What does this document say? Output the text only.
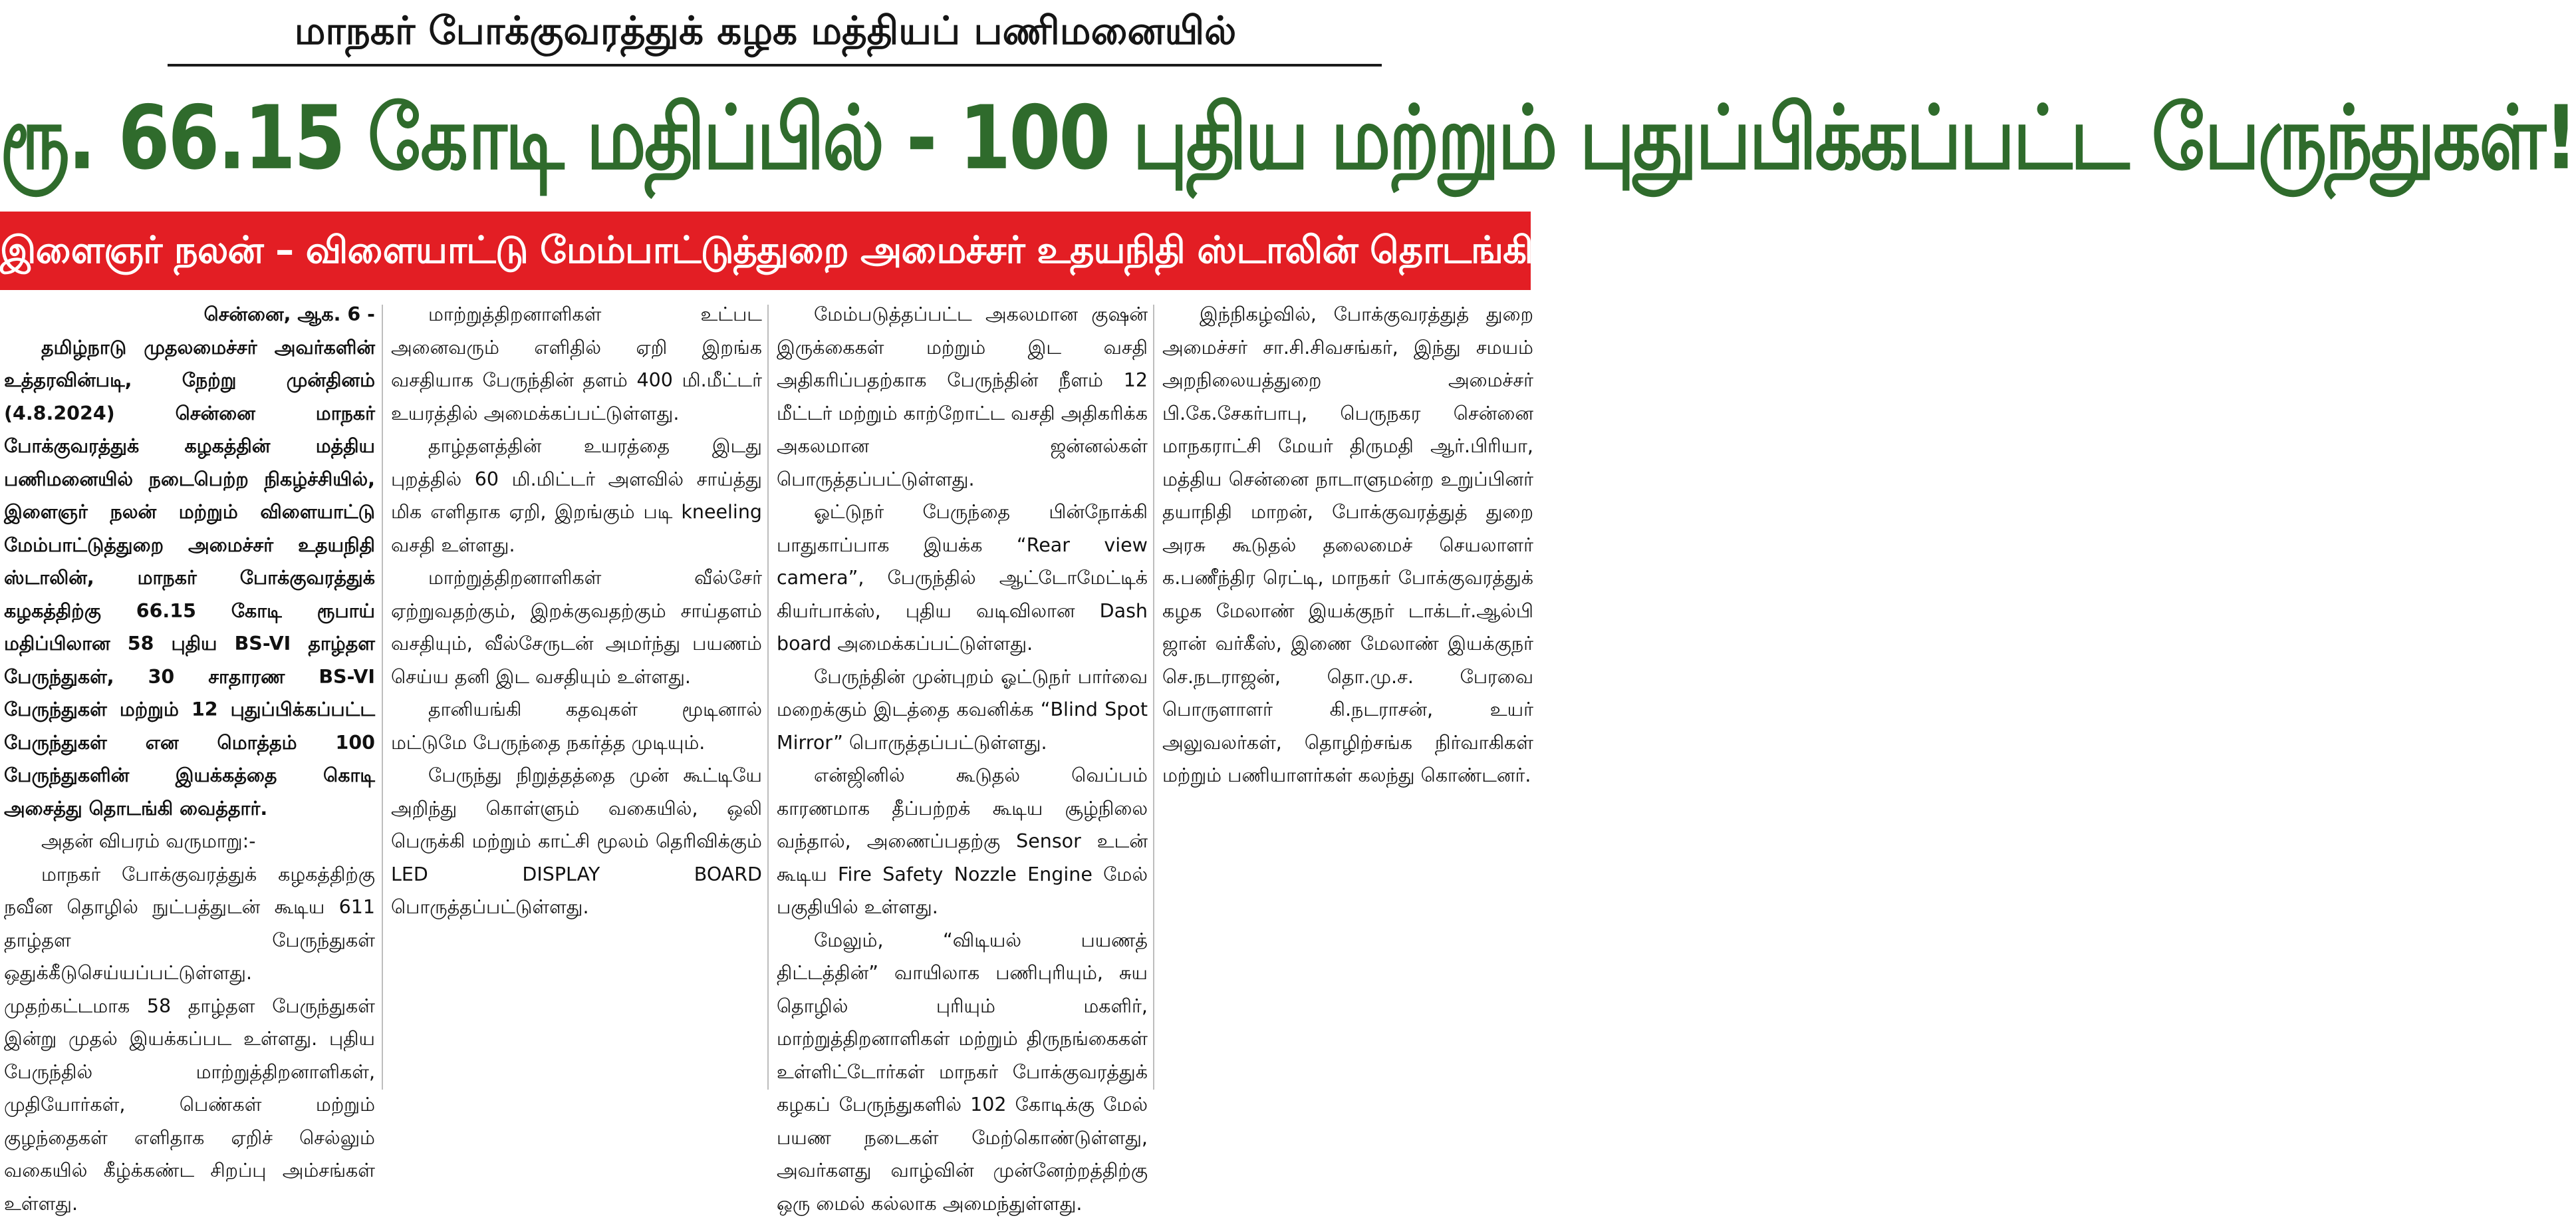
மாநகர் போக்குவரத்துக் கழக மத்தியப் பணிமனையில்
ரூ. 66.15 கோடி மதிப்பில் - 100 புதிய மற்றும் புதுப்பிக்கப்பட்ட பேருந்துகள்!
இளைஞர் நலன் – விளையாட்டு மேம்பாட்டுத்துறை அமைச்சர் உதயநிதி ஸ்டாலின் தொடங்கி வைத்தார்!

சென்னை, ஆக. 6 -

தமிழ்நாடு முதலமைச்சர் அவர்களின் உத்தரவின்படி, நேற்று முன்தினம் (4.8.2024) சென்னை மாநகர் போக்குவரத்துக் கழகத்தின் மத்திய பணிமனையில் நடைபெற்ற நிகழ்ச்சியில், இளைஞர் நலன் மற்றும் விளையாட்டு மேம்பாட்டுத்துறை அமைச்சர் உதயநிதி ஸ்டாலின், மாநகர் போக்குவரத்துக் கழகத்திற்கு 66.15 கோடி ரூபாய் மதிப்பிலான 58 புதிய BS-VI தாழ்தள பேருந்துகள், 30 சாதாரண BS-VI பேருந்துகள் மற்றும் 12 புதுப்பிக்கப்பட்ட பேருந்துகள் என மொத்தம் 100 பேருந்துகளின் இயக்கத்தை கொடி அசைத்து தொடங்கி வைத்தார்.

அதன் விபரம் வருமாறு:-

மாநகர் போக்குவரத்துக் கழகத்திற்கு நவீன தொழில் நுட்பத்துடன் கூடிய 611 தாழ்தள பேருந்துகள் ஒதுக்கீடுசெய்யப்பட்டுள்ளது. முதற்கட்டமாக 58 தாழ்தள பேருந்துகள் இன்று முதல் இயக்கப்பட உள்ளது. புதிய பேருந்தில் மாற்றுத்திறனாளிகள், முதியோர்கள், பெண்கள் மற்றும் குழந்தைகள் எளிதாக ஏறிச் செல்லும் வகையில் கீழ்க்கண்ட சிறப்பு அம்சங்கள் உள்ளது.

மாற்றுத்திறனாளிகள் உட்பட அனைவரும் எளிதில் ஏறி இறங்க வசதியாக பேருந்தின் தளம் 400 மி.மீட்டர் உயரத்தில் அமைக்கப்பட்டுள்ளது.

தாழ்தளத்தின் உயரத்தை இடது புறத்தில் 60 மி.மிட்டர் அளவில் சாய்த்து மிக எளிதாக ஏறி, இறங்கும் படி kneeling வசதி உள்ளது.

மாற்றுத்திறனாளிகள் வீல்சேர் ஏற்றுவதற்கும், இறக்குவதற்கும் சாய்தளம் வசதியும், வீல்சேருடன் அமர்ந்து பயணம் செய்ய தனி இட வசதியும் உள்ளது.

தானியங்கி கதவுகள் மூடினால் மட்டுமே பேருந்தை நகர்த்த முடியும்.

பேருந்து நிறுத்தத்தை முன் கூட்டியே அறிந்து கொள்ளும் வகையில், ஒலி பெருக்கி மற்றும் காட்சி மூலம் தெரிவிக்கும் LED DISPLAY BOARD பொருத்தப்பட்டுள்ளது.

மேம்படுத்தப்பட்ட அகலமான குஷன் இருக்கைகள் மற்றும் இட வசதி அதிகரிப்பதற்காக பேருந்தின் நீளம் 12 மீட்டர் மற்றும் காற்றோட்ட வசதி அதிகரிக்க அகலமான ஜன்னல்கள் பொருத்தப்பட்டுள்ளது.

ஓட்டுநர் பேருந்தை பின்நோக்கி பாதுகாப்பாக இயக்க “Rear view camera”, பேருந்தில் ஆட்டோமேட்டிக் கியர்பாக்ஸ், புதிய வடிவிலான Dash board அமைக்கப்பட்டுள்ளது.

பேருந்தின் முன்புறம் ஓட்டுநர் பார்வை மறைக்கும் இடத்தை கவனிக்க “Blind Spot Mirror” பொருத்தப்பட்டுள்ளது.

என்ஜினில் கூடுதல் வெப்பம் காரணமாக தீப்பற்றக் கூடிய சூழ்நிலை வந்தால், அணைப்பதற்கு Sensor உடன் கூடிய Fire Safety Nozzle Engine மேல் பகுதியில் உள்ளது.

மேலும், “விடியல் பயணத் திட்டத்தின்” வாயிலாக பணிபுரியும், சுய தொழில் புரியும் மகளிர், மாற்றுத்திறனாளிகள் மற்றும் திருநங்கைகள் உள்ளிட்டோர்கள் மாநகர் போக்குவரத்துக் கழகப் பேருந்துகளில் 102 கோடிக்கு மேல் பயண நடைகள் மேற்கொண்டுள்ளது, அவர்களது வாழ்வின் முன்னேற்றத்திற்கு ஒரு மைல் கல்லாக அமைந்துள்ளது.

இந்நிகழ்வில், போக்குவரத்துத் துறை அமைச்சர் சா.சி.சிவசங்கர், இந்து சமயம் அறநிலையத்துறை அமைச்சர் பி.கே.சேகர்பாபு, பெருநகர சென்னை மாநகராட்சி மேயர் திருமதி ஆர்.பிரியா, மத்திய சென்னை நாடாளுமன்ற உறுப்பினர் தயாநிதி மாறன், போக்குவரத்துத் துறை அரசு கூடுதல் தலைமைச் செயலாளர் க.பணீந்திர ரெட்டி, மாநகர் போக்குவரத்துக் கழக மேலாண் இயக்குநர் டாக்டர்.ஆல்பி ஜான் வர்கீஸ், இணை மேலாண் இயக்குநர் செ.நடராஜன், தொ.மு.ச. பேரவை பொருளாளர் கி.நடராசன், உயர் அலுவலர்கள், தொழிற்சங்க நிர்வாகிகள் மற்றும் பணியாளர்கள் கலந்து கொண்டனர்.
